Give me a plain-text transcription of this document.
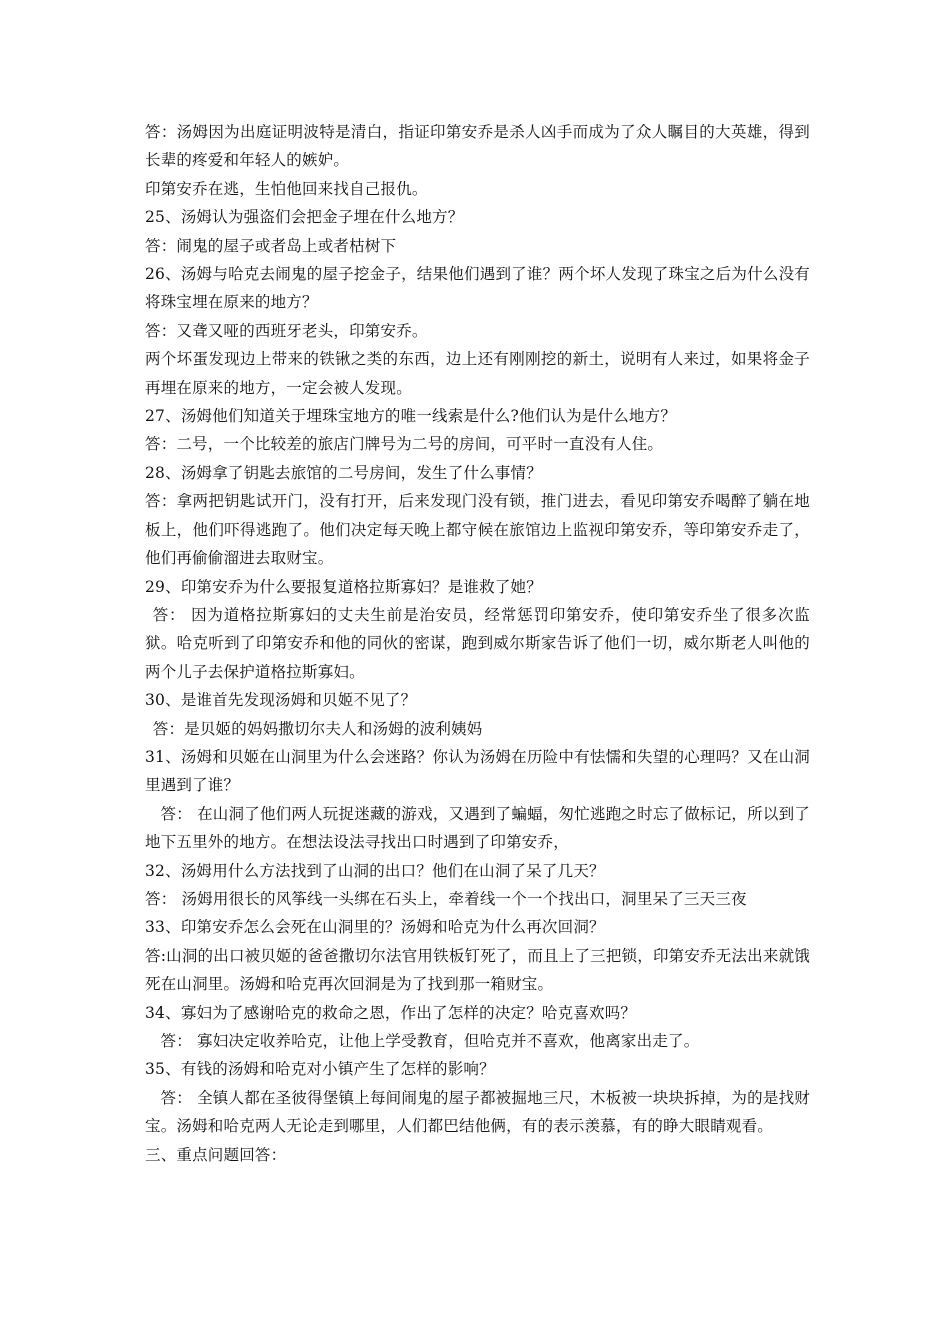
答：汤姆因为出庭证明波特是清白，指证印第安乔是杀人凶手而成为了众人瞩目的大英雄，得到长辈的疼爱和年轻人的嫉妒。

印第安乔在逃，生怕他回来找自己报仇。

25、汤姆认为强盗们会把金子埋在什么地方？

答：闹鬼的屋子或者岛上或者枯树下

26、汤姆与哈克去闹鬼的屋子挖金子，结果他们遇到了谁？两个坏人发现了珠宝之后为什么没有将珠宝埋在原来的地方？

答：又聋又哑的西班牙老头，印第安乔。

两个坏蛋发现边上带来的铁锹之类的东西，边上还有刚刚挖的新土，说明有人来过，如果将金子再埋在原来的地方，一定会被人发现。

27、汤姆他们知道关于埋珠宝地方的唯一线索是什么?他们认为是什么地方？

答：二号，一个比较差的旅店门牌号为二号的房间，可平时一直没有人住。

28、汤姆拿了钥匙去旅馆的二号房间，发生了什么事情？

答：拿两把钥匙试开门，没有打开，后来发现门没有锁，推门进去，看见印第安乔喝醉了躺在地板上，他们吓得逃跑了。他们决定每天晚上都守候在旅馆边上监视印第安乔，等印第安乔走了，他们再偷偷溜进去取财宝。

29、印第安乔为什么要报复道格拉斯寡妇？是谁救了她？

答： 因为道格拉斯寡妇的丈夫生前是治安员，经常惩罚印第安乔，使印第安乔坐了很多次监狱。哈克听到了印第安乔和他的同伙的密谋，跑到威尔斯家告诉了他们一切，威尔斯老人叫他的两个儿子去保护道格拉斯寡妇。

30、是谁首先发现汤姆和贝姬不见了？

答：是贝姬的妈妈撒切尔夫人和汤姆的波利姨妈

31、汤姆和贝姬在山洞里为什么会迷路？你认为汤姆在历险中有怯懦和失望的心理吗？又在山洞里遇到了谁？

答： 在山洞了他们两人玩捉迷藏的游戏，又遇到了蝙蝠，匆忙逃跑之时忘了做标记，所以到了地下五里外的地方。在想法设法寻找出口时遇到了印第安乔，

32、汤姆用什么方法找到了山洞的出口？他们在山洞了呆了几天？

答： 汤姆用很长的风筝线一头绑在石头上，牵着线一个一个找出口，洞里呆了三天三夜

33、印第安乔怎么会死在山洞里的？汤姆和哈克为什么再次回洞？

答:山洞的出口被贝姬的爸爸撒切尔法官用铁板钉死了，而且上了三把锁，印第安乔无法出来就饿死在山洞里。汤姆和哈克再次回洞是为了找到那一箱财宝。

34、寡妇为了感谢哈克的救命之恩，作出了怎样的决定？哈克喜欢吗？

答： 寡妇决定收养哈克，让他上学受教育，但哈克并不喜欢，他离家出走了。

35、有钱的汤姆和哈克对小镇产生了怎样的影响？

答： 全镇人都在圣彼得堡镇上每间闹鬼的屋子都被掘地三尺，木板被一块块拆掉，为的是找财宝。汤姆和哈克两人无论走到哪里，人们都巴结他俩，有的表示羡慕，有的睁大眼睛观看。

三、重点问题回答：
